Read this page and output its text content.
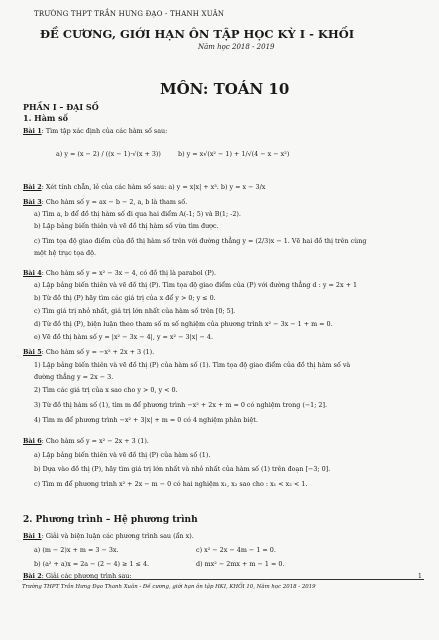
TRƯỜNG THPT TRẦN HƯNG ĐẠO - THANH XUÂN
ĐỀ CƯƠNG, GIỚI HẠN ÔN TẬP HỌC KỲ I - KHỐI
Năm học 2018 - 2019
MÔN: TOÁN 10
PHẦN I – ĐẠI SỐ
1. Hàm số
Bài 1: Tìm tập xác định của các hàm số sau:
a) y = (x − 2) / ((x − 1)·√(x + 3))	b) y = x√(x² − 1) + 1/√(4 − x − x²)
Bài 2: Xét tính chẵn, lẻ của các hàm số sau: a) y = x|x| + x³. b) y = x − 3/x
Bài 3: Cho hàm số y = ax − b − 2, a, b là tham số.
a) Tìm a, b để đồ thị hàm số đi qua hai điểm A(-1; 5) và B(1; -2).
b) Lập bảng biến thiên và vẽ đồ thị hàm số vừa tìm được.
c) Tìm tọa độ giao điểm của đồ thị hàm số trên với đường thẳng y = (2/3)x − 1. Vẽ hai đồ thị trên cùng
một hệ trục tọa độ.
Bài 4: Cho hàm số y = x² − 3x − 4, có đồ thị là parabol (P).
a) Lập bảng biến thiên và vẽ đồ thị (P). Tìm tọa độ giao điểm của (P) với đường thẳng d : y = 2x + 1
b) Từ đồ thị (P) hãy tìm các giá trị của x để y > 0; y ≤ 0.
c) Tìm giá trị nhỏ nhất, giá trị lớn nhất của hàm số trên [0; 5].
d) Từ đồ thị (P), biện luận theo tham số m số nghiệm của phương trình x² − 3x − 1 + m = 0.
e) Vẽ đồ thị hàm số y = |x² − 3x − 4|, y = x² − 3|x| − 4.
Bài 5: Cho hàm số y = −x² + 2x + 3 (1).
1) Lập bảng biến thiên và vẽ đồ thị (P) của hàm số (1). Tìm tọa độ giao điểm của đồ thị hàm số và
đường thẳng y = 2x − 3.
2) Tìm các giá trị của x sao cho y > 0, y < 0.
3) Từ đồ thị hàm số (1), tìm m để phương trình −x² + 2x + m = 0 có nghiệm trong (−1; 2].
4) Tìm m để phương trình −x² + 3|x| + m = 0 có 4 nghiệm phân biệt.
Bài 6: Cho hàm số y = x² − 2x + 3 (1).
a) Lập bảng biến thiên và vẽ đồ thị (P) của hàm số (1).
b) Dựa vào đồ thị (P), hãy tìm giá trị lớn nhất và nhỏ nhất của hàm số (1) trên đoạn [−3; 0].
c) Tìm m để phương trình x² + 2x − m − 0 có hai nghiệm x₁, x₂ sao cho : x₁ < x₂ < 1.
2. Phương trình – Hệ phương trình
Bài 1: Giải và biện luận các phương trình sau (ẩn x).
a) (m − 2)x + m = 3 − 3x.	c) x² − 2x − 4m − 1 = 0.
b) (a² + a)x = 2a − (2 − 4) ≥ 1 ≤ 4.	d) mx² − 2mx + m − 1 = 0.
Bài 2: Giải các phương trình sau:
Trường THPT Trần Hưng Đạo Thanh Xuân - Đề cương, giới hạn ôn tập HKI, KHỐI 10, Năm học 2018 - 2019
1
